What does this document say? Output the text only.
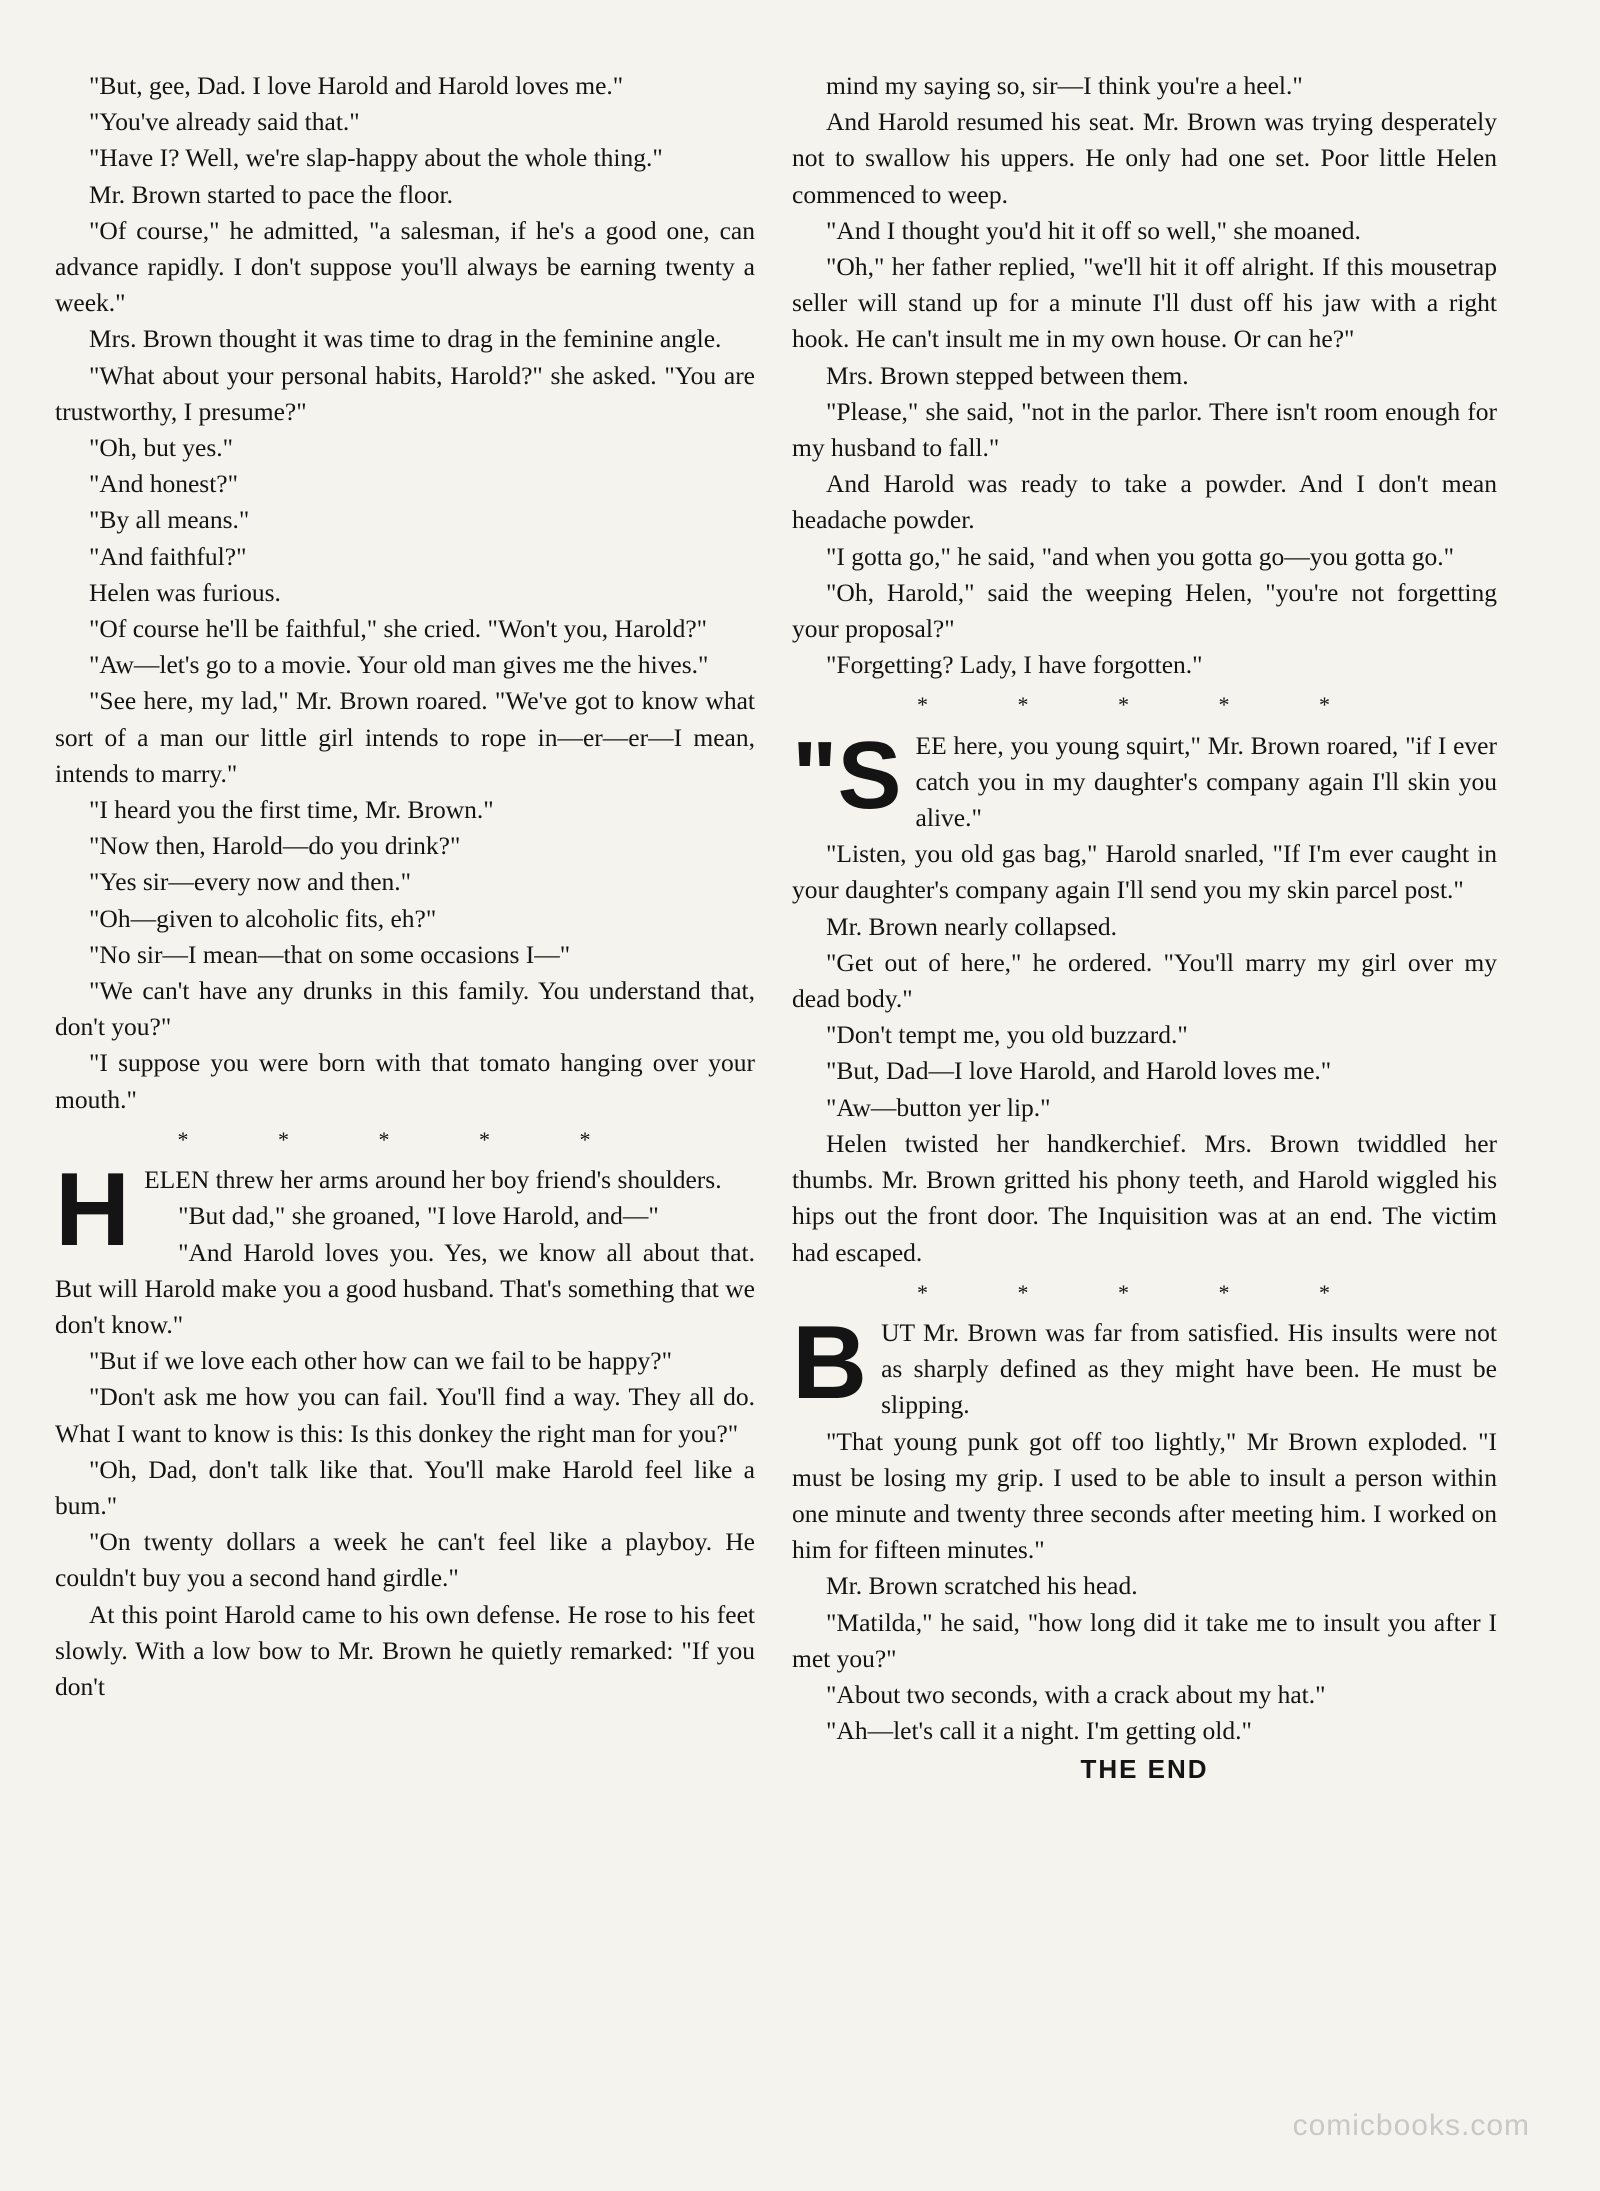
"But, gee, Dad. I love Harold and Harold loves me."

"You've already said that."

"Have I? Well, we're slap-happy about the whole thing."

Mr. Brown started to pace the floor.

"Of course," he admitted, "a salesman, if he's a good one, can advance rapidly. I don't suppose you'll always be earning twenty a week."

Mrs. Brown thought it was time to drag in the feminine angle.

"What about your personal habits, Harold?" she asked. "You are trustworthy, I presume?"

"Oh, but yes."

"And honest?"

"By all means."

"And faithful?"

Helen was furious.

"Of course he'll be faithful," she cried. "Won't you, Harold?"

"Aw—let's go to a movie. Your old man gives me the hives."

"See here, my lad," Mr. Brown roared. "We've got to know what sort of a man our little girl intends to rope in—er—er—I mean, intends to marry."

"I heard you the first time, Mr. Brown."

"Now then, Harold—do you drink?"

"Yes sir—every now and then."

"Oh—given to alcoholic fits, eh?"

"No sir—I mean—that on some occasions I—"

"We can't have any drunks in this family. You understand that, don't you?"

"I suppose you were born with that tomato hanging over your mouth."

* * * * *

HELEN threw her arms around her boy friend's shoulders.

"But dad," she groaned, "I love Harold, and—"

"And Harold loves you. Yes, we know all about that. But will Harold make you a good husband. That's something that we don't know."

"But if we love each other how can we fail to be happy?"

"Don't ask me how you can fail. You'll find a way. They all do. What I want to know is this: Is this donkey the right man for you?"

"Oh, Dad, don't talk like that. You'll make Harold feel like a bum."

"On twenty dollars a week he can't feel like a playboy. He couldn't buy you a second hand girdle."

At this point Harold came to his own defense. He rose to his feet slowly. With a low bow to Mr. Brown he quietly remarked: "If you don't

mind my saying so, sir—I think you're a heel."

And Harold resumed his seat. Mr. Brown was trying desperately not to swallow his uppers. He only had one set. Poor little Helen commenced to weep.

"And I thought you'd hit it off so well," she moaned.

"Oh," her father replied, "we'll hit it off alright. If this mousetrap seller will stand up for a minute I'll dust off his jaw with a right hook. He can't insult me in my own house. Or can he?"

Mrs. Brown stepped between them.

"Please," she said, "not in the parlor. There isn't room enough for my husband to fall."

And Harold was ready to take a powder. And I don't mean headache powder.

"I gotta go," he said, "and when you gotta go—you gotta go."

"Oh, Harold," said the weeping Helen, "you're not forgetting your proposal?"

"Forgetting? Lady, I have forgotten."

* * * * *

"SEE here, you young squirt," Mr. Brown roared, "if I ever catch you in my daughter's company again I'll skin you alive."

"Listen, you old gas bag," Harold snarled, "If I'm ever caught in your daughter's company again I'll send you my skin parcel post."

Mr. Brown nearly collapsed.

"Get out of here," he ordered. "You'll marry my girl over my dead body."

"Don't tempt me, you old buzzard."

"But, Dad—I love Harold, and Harold loves me."

"Aw—button yer lip."

Helen twisted her handkerchief. Mrs. Brown twiddled her thumbs. Mr. Brown gritted his phony teeth, and Harold wiggled his hips out the front door. The Inquisition was at an end. The victim had escaped.

* * * * *

BUT Mr. Brown was far from satisfied. His insults were not as sharply defined as they might have been. He must be slipping.

"That young punk got off too lightly," Mr Brown exploded. "I must be losing my grip. I used to be able to insult a person within one minute and twenty three seconds after meeting him. I worked on him for fifteen minutes."

Mr. Brown scratched his head.

"Matilda," he said, "how long did it take me to insult you after I met you?"

"About two seconds, with a crack about my hat."

"Ah—let's call it a night. I'm getting old."

THE END
comicbooks.com
